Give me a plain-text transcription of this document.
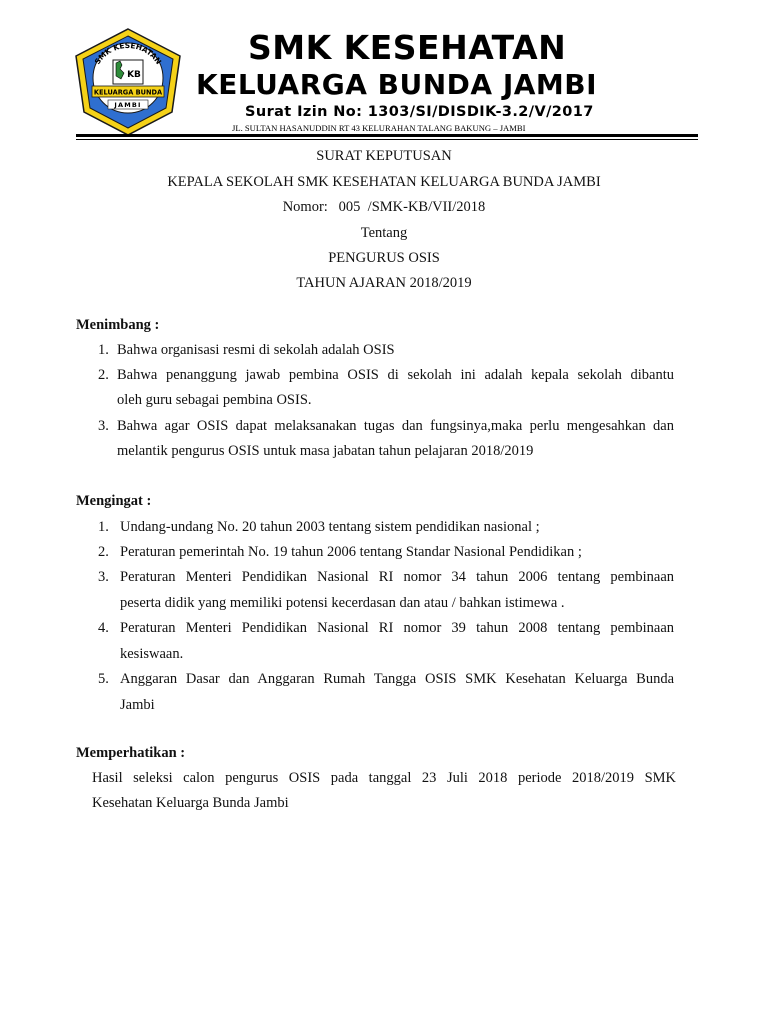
SMK KESEHATAN
KB
KELUARGA BUNDA
JAMBI
SMK KESEHATAN
KELUARGA BUNDA JAMBI
Surat Izin No: 1303/SI/DISDIK-3.2/V/2017
JL. SULTAN HASANUDDIN RT 43 KELURAHAN TALANG BAKUNG – JAMBI
SURAT KEPUTUSAN
KEPALA SEKOLAH SMK KESEHATAN KELUARGA BUNDA JAMBI
Nomor:   005  /SMK-KB/VII/2018
Tentang
PENGURUS OSIS
TAHUN AJARAN 2018/2019
Menimbang :
1. Bahwa organisasi resmi di sekolah adalah OSIS
2. Bahwa penanggung jawab pembina OSIS di sekolah ini adalah kepala sekolah dibantu
oleh guru sebagai pembina OSIS.
3. Bahwa agar OSIS dapat melaksanakan tugas dan fungsinya,maka perlu mengesahkan dan
melantik pengurus OSIS untuk masa jabatan tahun pelajaran 2018/2019
Mengingat :
1. Undang-undang No. 20 tahun 2003 tentang sistem pendidikan nasional ;
2. Peraturan pemerintah No. 19 tahun 2006 tentang Standar Nasional Pendidikan ;
3. Peraturan Menteri Pendidikan Nasional RI nomor 34 tahun 2006 tentang pembinaan
peserta didik yang memiliki potensi kecerdasan dan atau / bahkan istimewa .
4. Peraturan Menteri Pendidikan Nasional RI nomor 39 tahun 2008 tentang pembinaan
kesiswaan.
5. Anggaran Dasar dan Anggaran Rumah Tangga OSIS SMK Kesehatan Keluarga Bunda
Jambi
Memperhatikan :
Hasil seleksi calon pengurus OSIS pada tanggal 23 Juli 2018 periode 2018/2019 SMK
Kesehatan Keluarga Bunda Jambi
